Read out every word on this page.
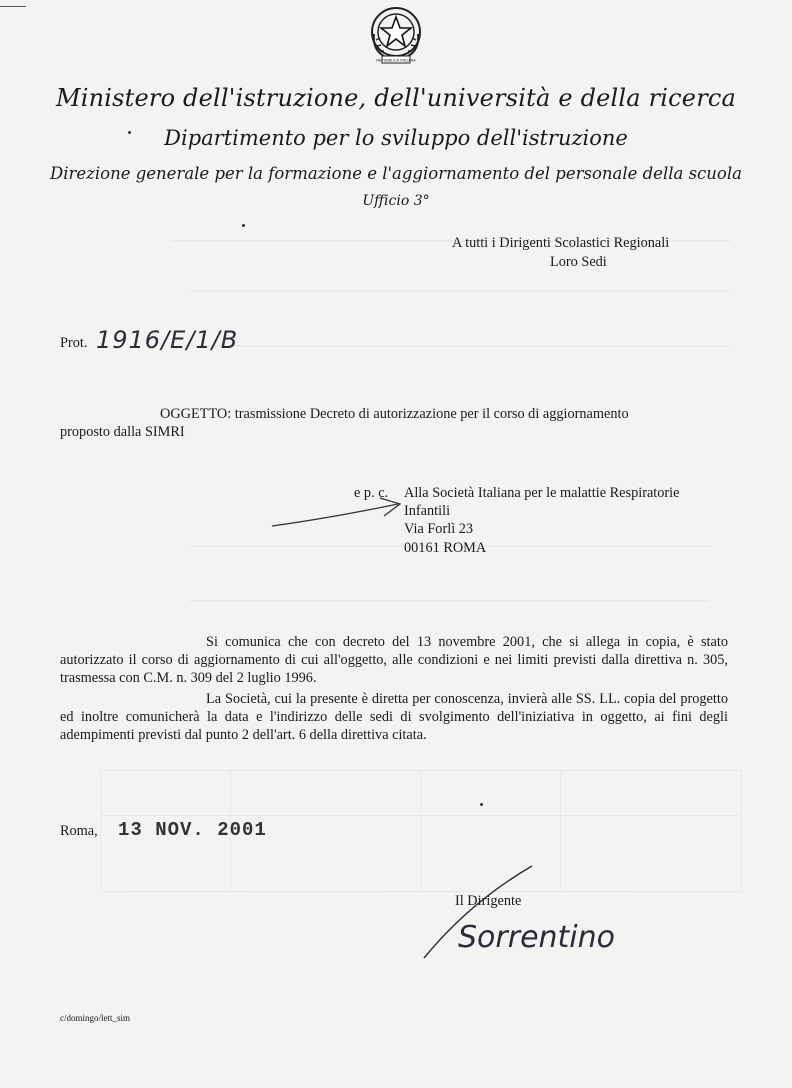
REPUBBLICA ITALIANA
Ministero dell'istruzione, dell'università e della ricerca
Dipartimento per lo sviluppo dell'istruzione
Direzione generale per la formazione e l'aggiornamento del personale della scuola
Ufficio 3°
A tutti i Dirigenti Scolastici Regionali
Loro Sedi
Prot. 1916/E/1/B
OGGETTO: trasmissione Decreto di autorizzazione per il corso di aggiornamento
proposto dalla SIMRI
e p. c. Alla Società Italiana per le malattie Respiratorie
Infantili
Via Forlì 23
00161 ROMA
Si comunica che con decreto del 13 novembre 2001, che si allega in copia, è stato autorizzato il corso di aggiornamento di cui all'oggetto, alle condizioni e nei limiti previsti dalla direttiva n. 305, trasmessa con C.M. n. 309 del 2 luglio 1996.
La Società, cui la presente è diretta per conoscenza, invierà alle SS. LL. copia del progetto ed inoltre comunicherà la data e l'indirizzo delle sedi di svolgimento dell'iniziativa in oggetto, ai fini degli adempimenti previsti dal punto 2 dell'art. 6 della direttiva citata.
Roma, 13 NOV. 2001
Il Dirigente
Sorrentino
c/domingo/lett_sim
